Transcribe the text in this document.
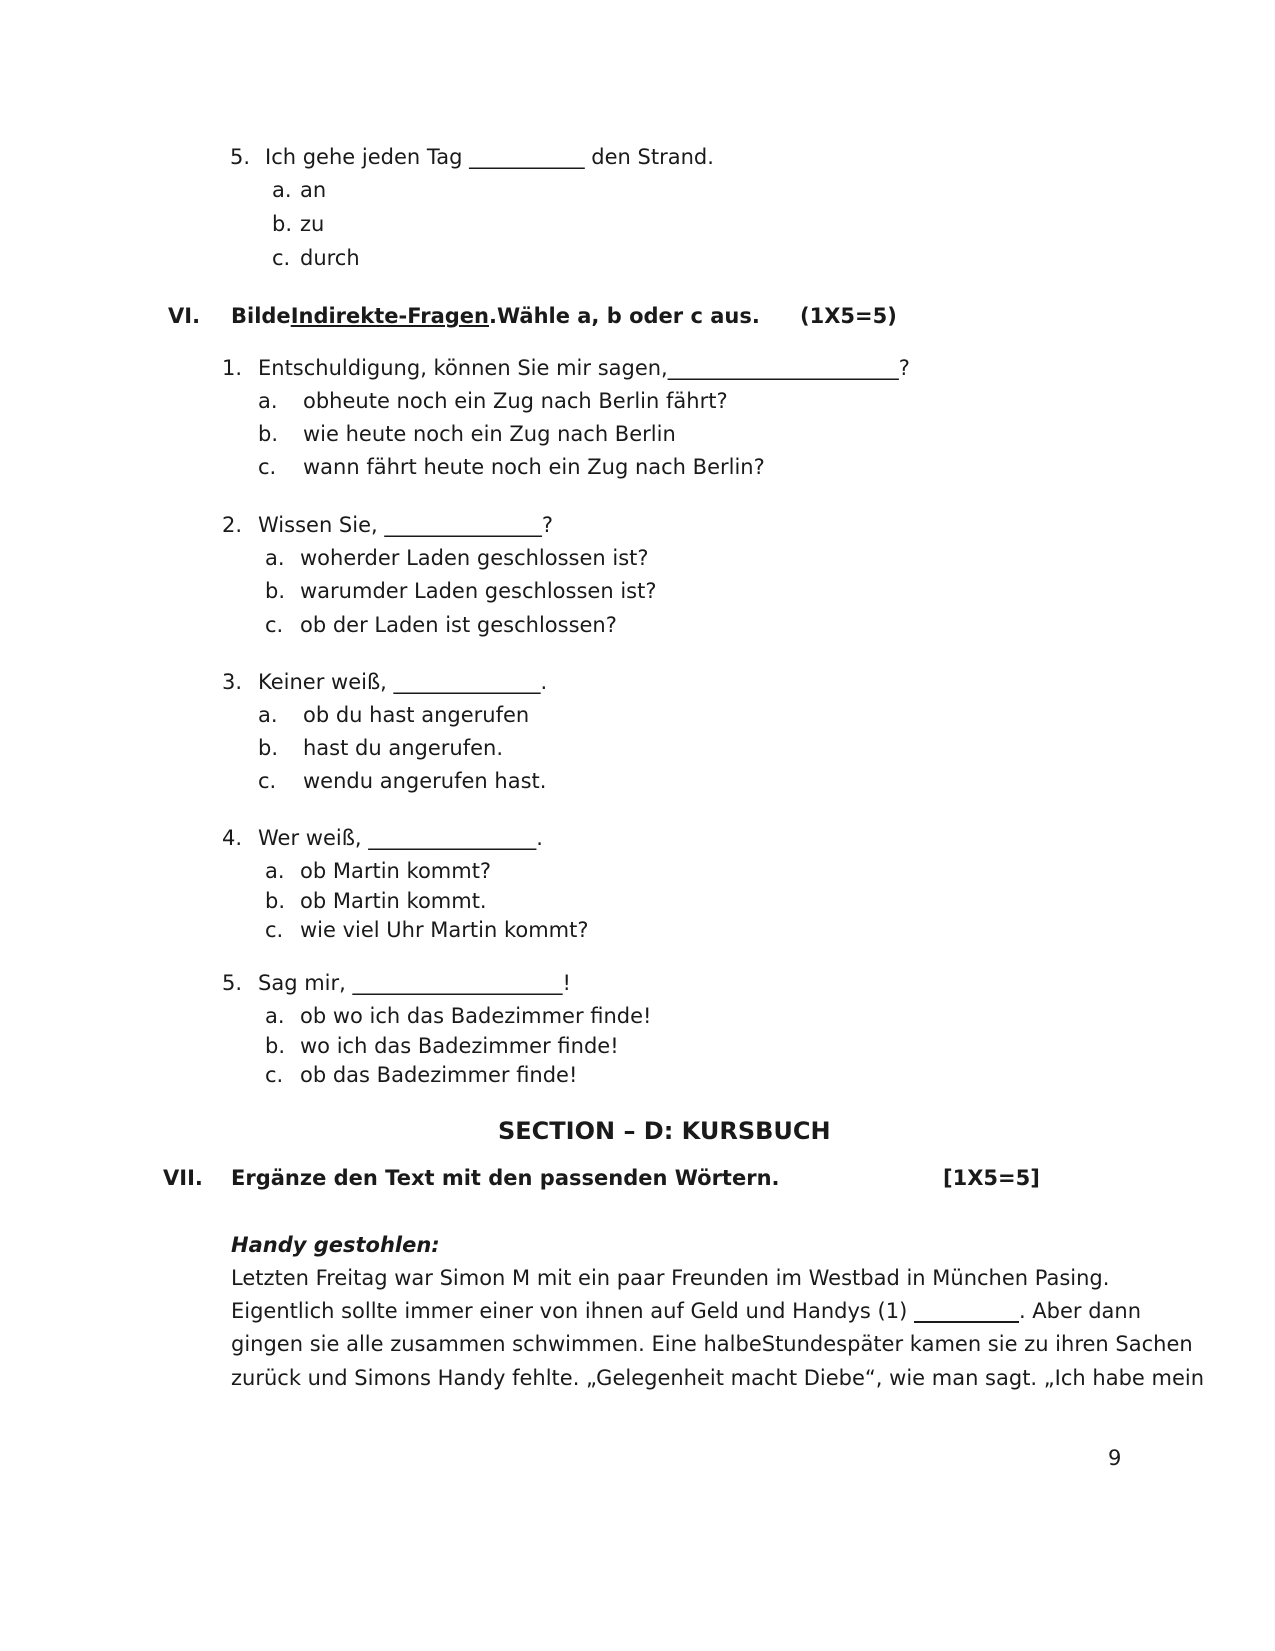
5. Ich gehe jeden Tag ___________ den Strand.
a. an
b. zu
c. durch
VI. BildeIndirekte-Fragen.Wähle a, b oder c aus. (1X5=5)
1. Entschuldigung, können Sie mir sagen,______________________?
a. obheute noch ein Zug nach Berlin fährt?
b. wie heute noch ein Zug nach Berlin
c. wann fährt heute noch ein Zug nach Berlin?
2. Wissen Sie, _______________?
a. woherder Laden geschlossen ist?
b. warumder Laden geschlossen ist?
c. ob der Laden ist geschlossen?
3. Keiner weiß, ______________.
a. ob du hast angerufen
b. hast du angerufen.
c. wendu angerufen hast.
4. Wer weiß, ________________.
a. ob Martin kommt?
b. ob Martin kommt.
c. wie viel Uhr Martin kommt?
5. Sag mir, ____________________!
a. ob wo ich das Badezimmer finde!
b. wo ich das Badezimmer finde!
c. ob das Badezimmer finde!
SECTION – D: KURSBUCH
VII. Ergänze den Text mit den passenden Wörtern.	[1X5=5]
Handy gestohlen:
Letzten Freitag war Simon M mit ein paar Freunden im Westbad in München Pasing.
Eigentlich sollte immer einer von ihnen auf Geld und Handys (1) __________. Aber dann
gingen sie alle zusammen schwimmen. Eine halbeStundespäter kamen sie zu ihren Sachen
zurück und Simons Handy fehlte. „Gelegenheit macht Diebe“, wie man sagt. „Ich habe mein
9
